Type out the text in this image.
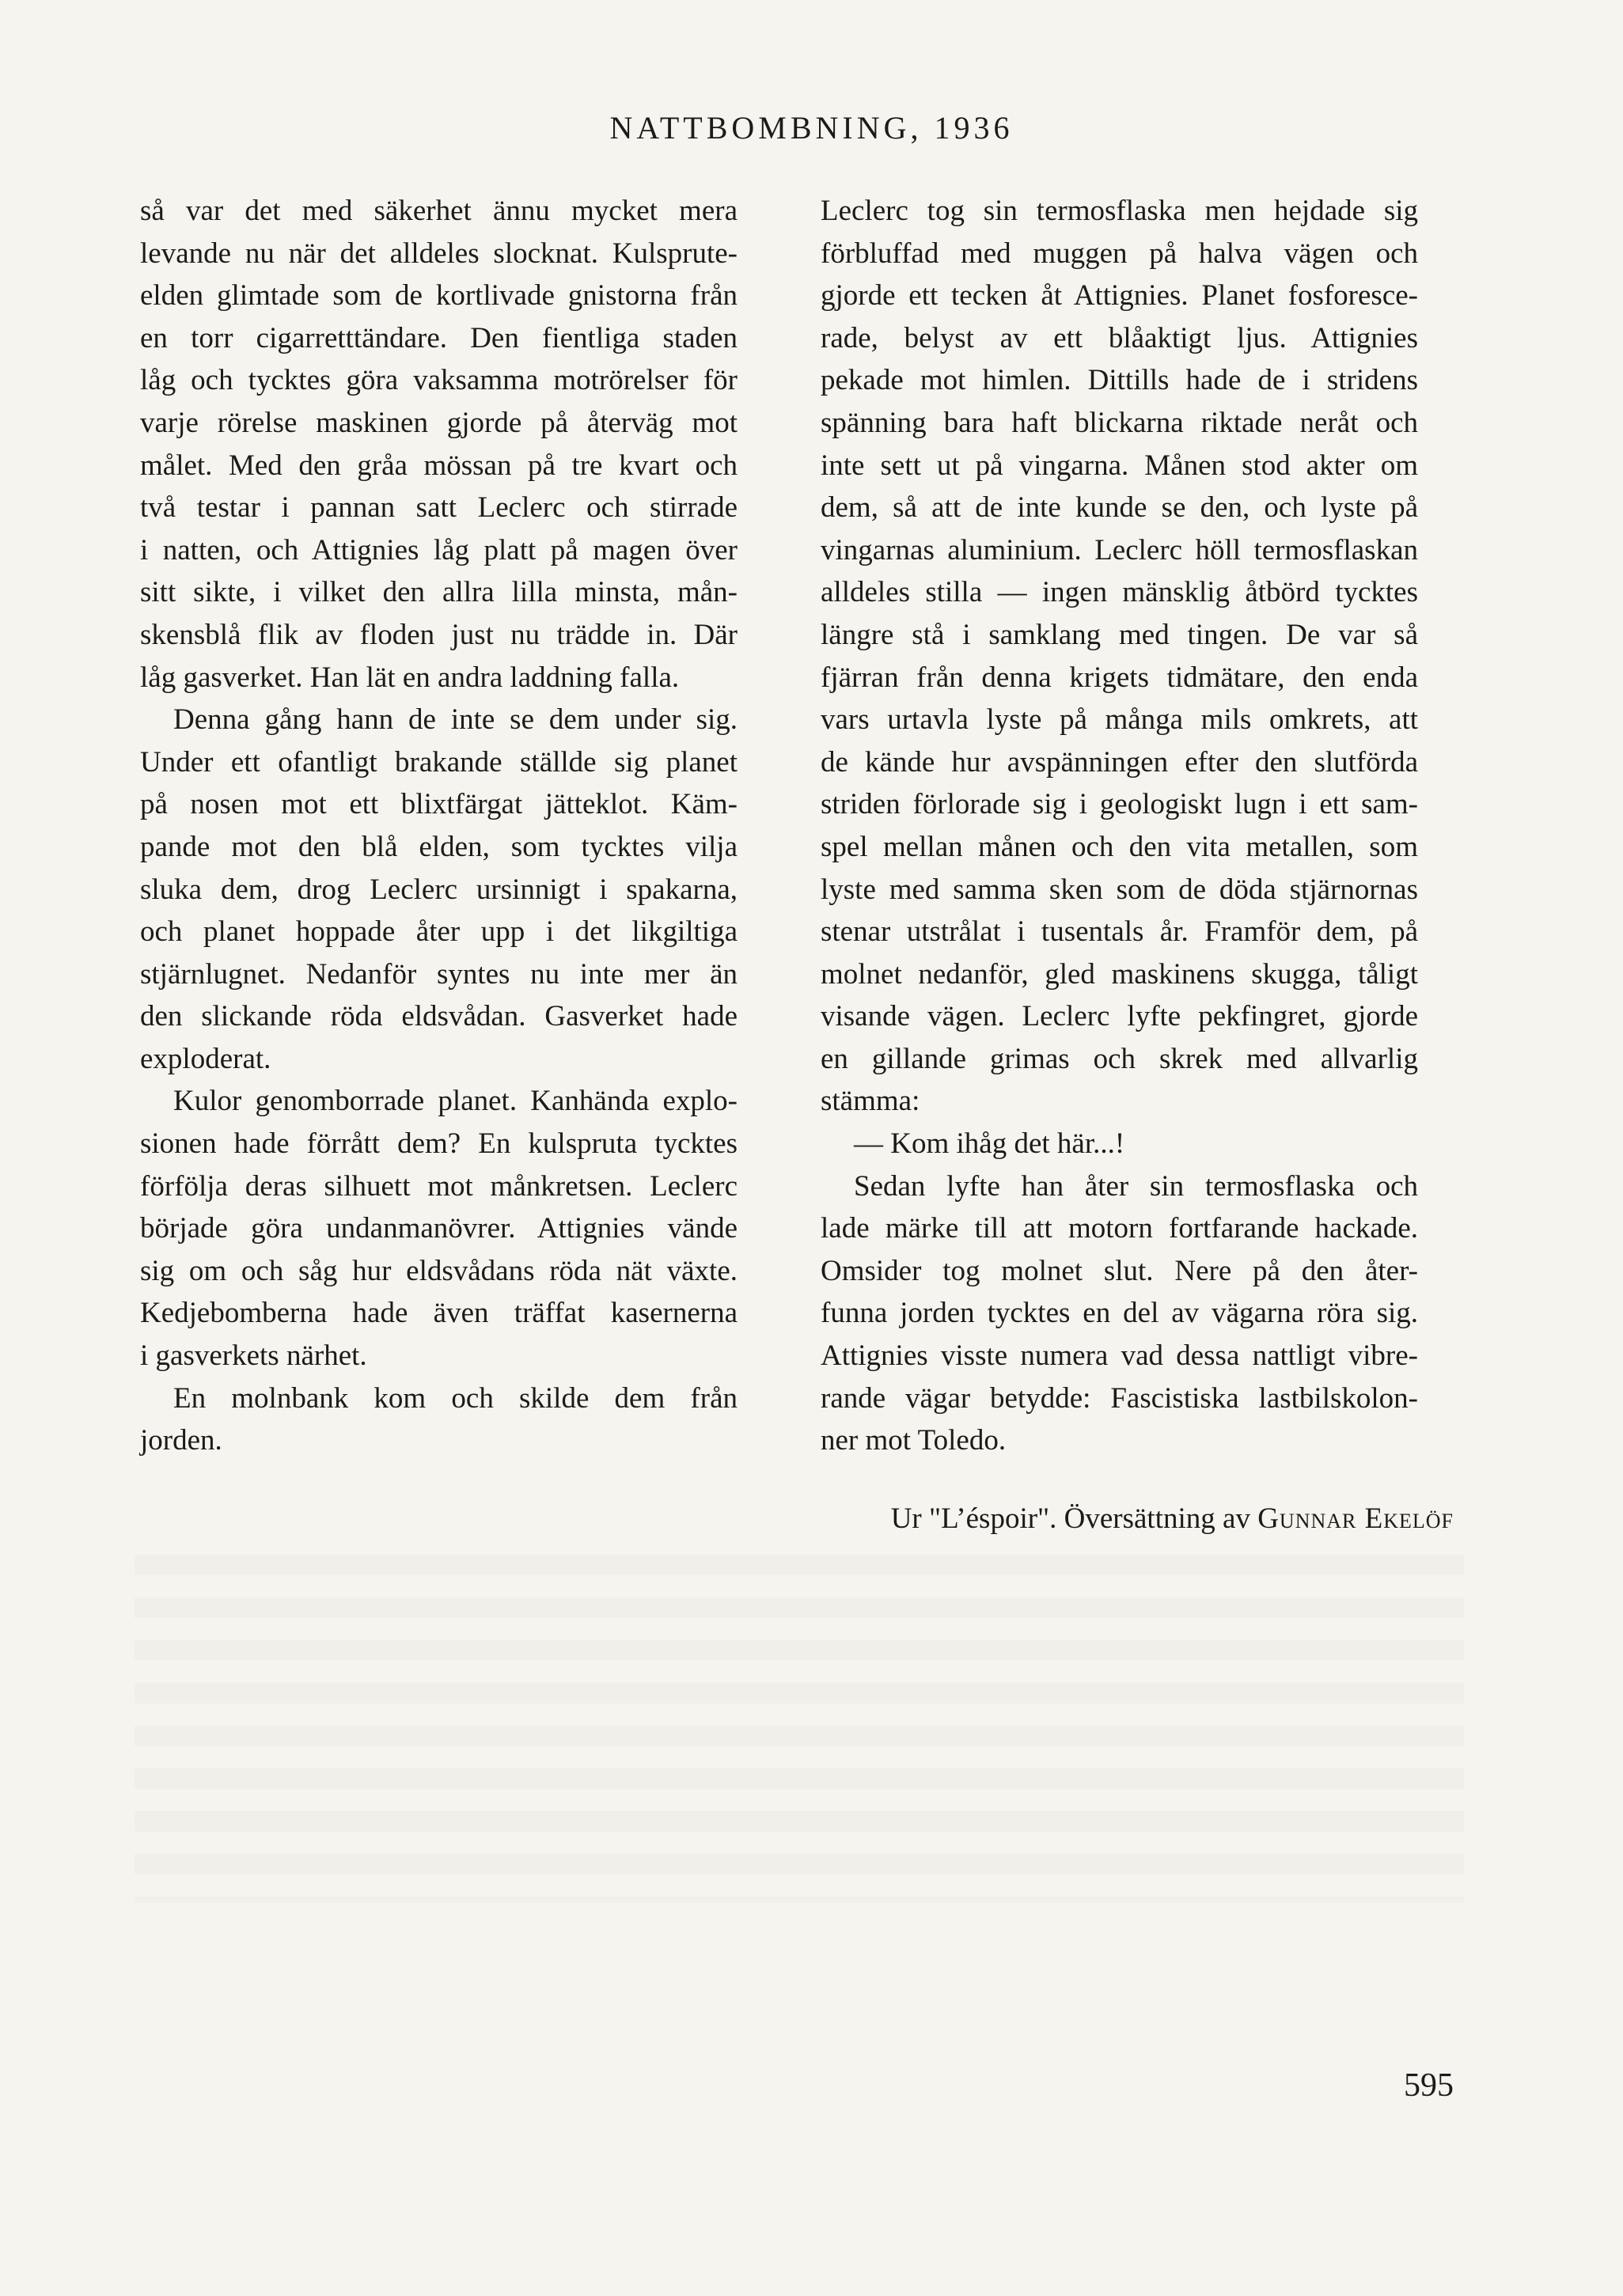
NATTBOMBNING, 1936
så var det med säkerhet ännu mycket mera
levande nu när det alldeles slocknat. Kulsprute-
elden glimtade som de kortlivade gnistorna från
en torr cigarretttändare. Den fientliga staden
låg och tycktes göra vaksamma motrörelser för
varje rörelse maskinen gjorde på återväg mot
målet. Med den gråa mössan på tre kvart och
två testar i pannan satt Leclerc och stirrade
i natten, och Attignies låg platt på magen över
sitt sikte, i vilket den allra lilla minsta, mån-
skensblå flik av floden just nu trädde in. Där
låg gasverket. Han lät en andra laddning falla.
Denna gång hann de inte se dem under sig.
Under ett ofantligt brakande ställde sig planet
på nosen mot ett blixtfärgat jätteklot. Käm-
pande mot den blå elden, som tycktes vilja
sluka dem, drog Leclerc ursinnigt i spakarna,
och planet hoppade åter upp i det likgiltiga
stjärnlugnet. Nedanför syntes nu inte mer än
den slickande röda eldsvådan. Gasverket hade
exploderat.
Kulor genomborrade planet. Kanhända explo-
sionen hade förrått dem? En kulspruta tycktes
förfölja deras silhuett mot månkretsen. Leclerc
började göra undanmanövrer. Attignies vände
sig om och såg hur eldsvådans röda nät växte.
Kedjebomberna hade även träffat kasernerna
i gasverkets närhet.
En molnbank kom och skilde dem från
jorden.
Leclerc tog sin termosflaska men hejdade sig
förbluffad med muggen på halva vägen och
gjorde ett tecken åt Attignies. Planet fosforesce-
rade, belyst av ett blåaktigt ljus. Attignies
pekade mot himlen. Dittills hade de i stridens
spänning bara haft blickarna riktade neråt och
inte sett ut på vingarna. Månen stod akter om
dem, så att de inte kunde se den, och lyste på
vingarnas aluminium. Leclerc höll termosflaskan
alldeles stilla — ingen mänsklig åtbörd tycktes
längre stå i samklang med tingen. De var så
fjärran från denna krigets tidmätare, den enda
vars urtavla lyste på många mils omkrets, att
de kände hur avspänningen efter den slutförda
striden förlorade sig i geologiskt lugn i ett sam-
spel mellan månen och den vita metallen, som
lyste med samma sken som de döda stjärnornas
stenar utstrålat i tusentals år. Framför dem, på
molnet nedanför, gled maskinens skugga, tåligt
visande vägen. Leclerc lyfte pekfingret, gjorde
en gillande grimas och skrek med allvarlig
stämma:
— Kom ihåg det här...!
Sedan lyfte han åter sin termosflaska och
lade märke till att motorn fortfarande hackade.
Omsider tog molnet slut. Nere på den åter-
funna jorden tycktes en del av vägarna röra sig.
Attignies visste numera vad dessa nattligt vibre-
rande vägar betydde: Fascistiska lastbilskolon-
ner mot Toledo.
Ur "L’éspoir". Översättning av Gunnar Ekelöf
595
